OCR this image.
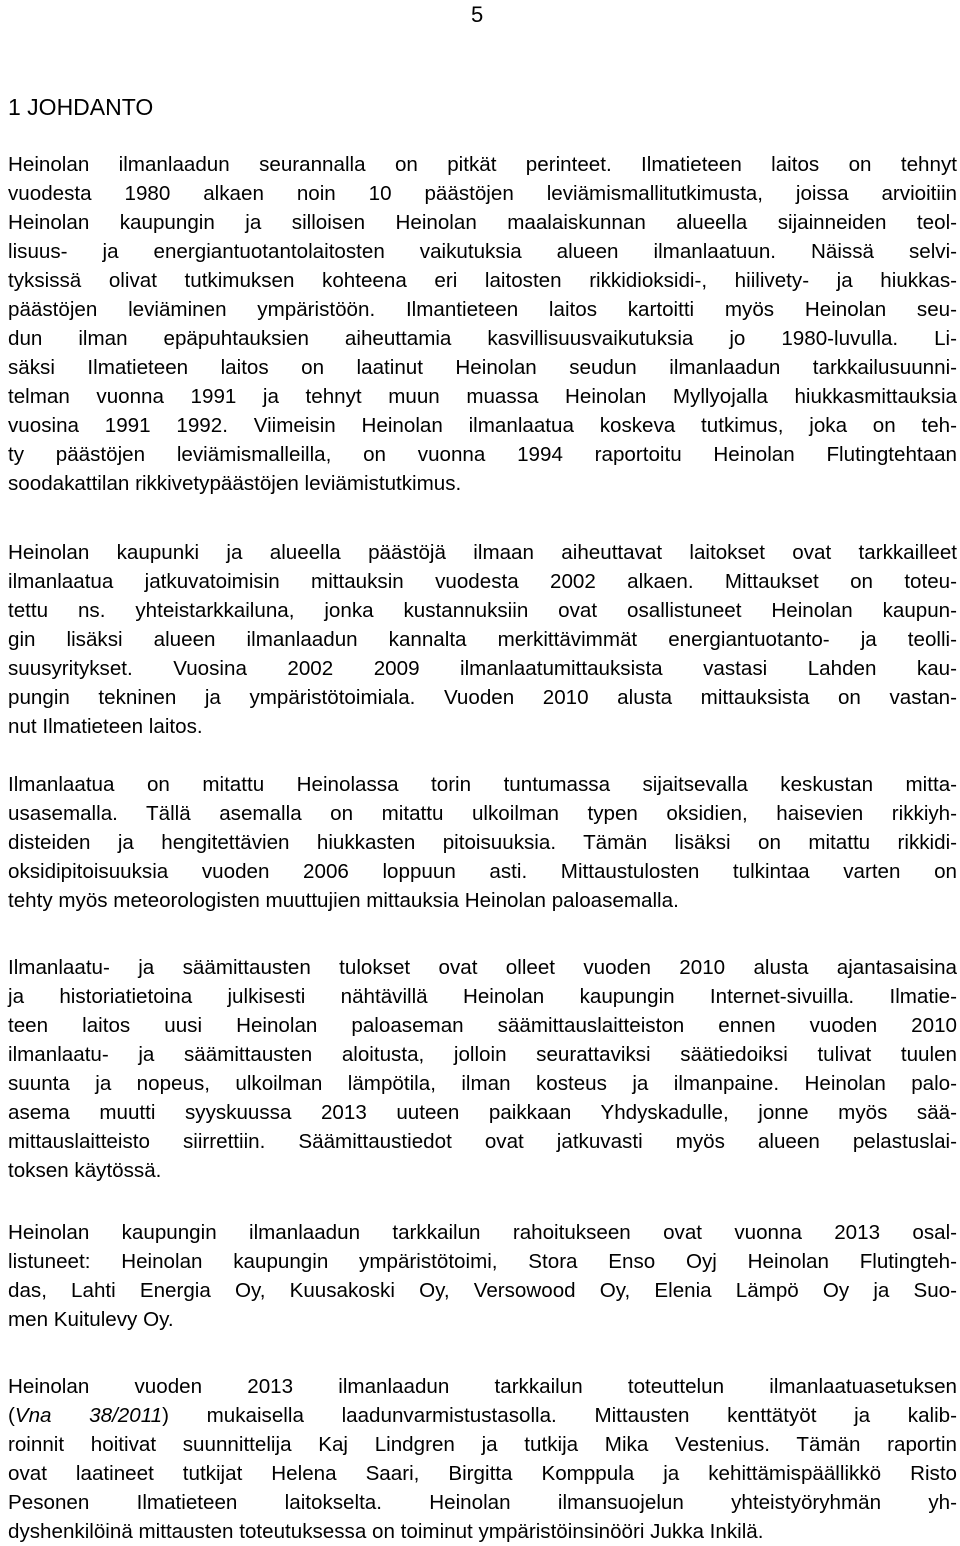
5
1 JOHDANTO

Heinolan ilmanlaadun seurannalla on pitkät perinteet. Ilmatieteen laitos on tehnyt
vuodesta 1980 alkaen noin 10 päästöjen leviämismallitutkimusta, joissa arvioitiin
Heinolan kaupungin ja silloisen Heinolan maalaiskunnan alueella sijainneiden teol-
lisuus- ja energiantuotantolaitosten vaikutuksia alueen ilmanlaatuun. Näissä selvi-
tyksissä olivat tutkimuksen kohteena eri laitosten rikkidioksidi-, hiilivety- ja hiukkas-
päästöjen leviäminen ympäristöön. Ilmantieteen laitos kartoitti myös Heinolan seu-
dun ilman epäpuhtauksien aiheuttamia kasvillisuusvaikutuksia jo 1980-luvulla. Li-
säksi Ilmatieteen laitos on laatinut Heinolan seudun ilmanlaadun tarkkailusuunni-
telman vuonna 1991 ja tehnyt muun muassa Heinolan Myllyojalla hiukkasmittauksia
vuosina 1991 1992. Viimeisin Heinolan ilmanlaatua koskeva tutkimus, joka on teh-
ty päästöjen leviämismalleilla, on vuonna 1994 raportoitu Heinolan Flutingtehtaan
soodakattilan rikkivetypäästöjen leviämistutkimus.

Heinolan kaupunki ja alueella päästöjä ilmaan aiheuttavat laitokset ovat tarkkailleet
ilmanlaatua jatkuvatoimisin mittauksin vuodesta 2002 alkaen. Mittaukset on toteu-
tettu ns. yhteistarkkailuna, jonka kustannuksiin ovat osallistuneet Heinolan kaupun-
gin lisäksi alueen ilmanlaadun kannalta merkittävimmät energiantuotanto- ja teolli-
suusyritykset. Vuosina 2002 2009 ilmanlaatumittauksista vastasi Lahden kau-
pungin tekninen ja ympäristötoimiala. Vuoden 2010 alusta mittauksista on vastan-
nut Ilmatieteen laitos.

Ilmanlaatua on mitattu Heinolassa torin tuntumassa sijaitsevalla keskustan mitta-
usasemalla. Tällä asemalla on mitattu ulkoilman typen oksidien, haisevien rikkiyh-
disteiden ja hengitettävien hiukkasten pitoisuuksia. Tämän lisäksi on mitattu rikkidi-
oksidipitoisuuksia vuoden 2006 loppuun asti. Mittaustulosten tulkintaa varten on
tehty myös meteorologisten muuttujien mittauksia Heinolan paloasemalla.

Ilmanlaatu- ja säämittausten tulokset ovat olleet vuoden 2010 alusta ajantasaisina
ja historiatietoina julkisesti nähtävillä Heinolan kaupungin Internet-sivuilla. Ilmatie-
teen laitos uusi Heinolan paloaseman säämittauslaitteiston ennen vuoden 2010
ilmanlaatu- ja säämittausten aloitusta, jolloin seurattaviksi säätiedoiksi tulivat tuulen
suunta ja nopeus, ulkoilman lämpötila, ilman kosteus ja ilmanpaine. Heinolan palo-
asema muutti syyskuussa 2013 uuteen paikkaan Yhdyskadulle, jonne myös sää-
mittauslaitteisto siirrettiin. Säämittaustiedot ovat jatkuvasti myös alueen pelastuslai-
toksen käytössä.

Heinolan kaupungin ilmanlaadun tarkkailun rahoitukseen ovat vuonna 2013 osal-
listuneet: Heinolan kaupungin ympäristötoimi, Stora Enso Oyj Heinolan Flutingteh-
das, Lahti Energia Oy, Kuusakoski Oy, Versowood Oy, Elenia Lämpö Oy ja Suo-
men Kuitulevy Oy.

Heinolan vuoden 2013 ilmanlaadun tarkkailun toteuttelun ilmanlaatuasetuksen
(Vna 38/2011) mukaisella laadunvarmistustasolla. Mittausten kenttätyöt ja kalib-
roinnit hoitivat suunnittelija Kaj Lindgren ja tutkija Mika Vestenius. Tämän raportin
ovat laatineet tutkijat Helena Saari, Birgitta Komppula ja kehittämispäällikkö Risto
Pesonen Ilmatieteen laitokselta. Heinolan ilmansuojelun yhteistyöryhmän yh-
dyshenkilöinä mittausten toteutuksessa on toiminut ympäristöinsinööri Jukka Inkilä.
